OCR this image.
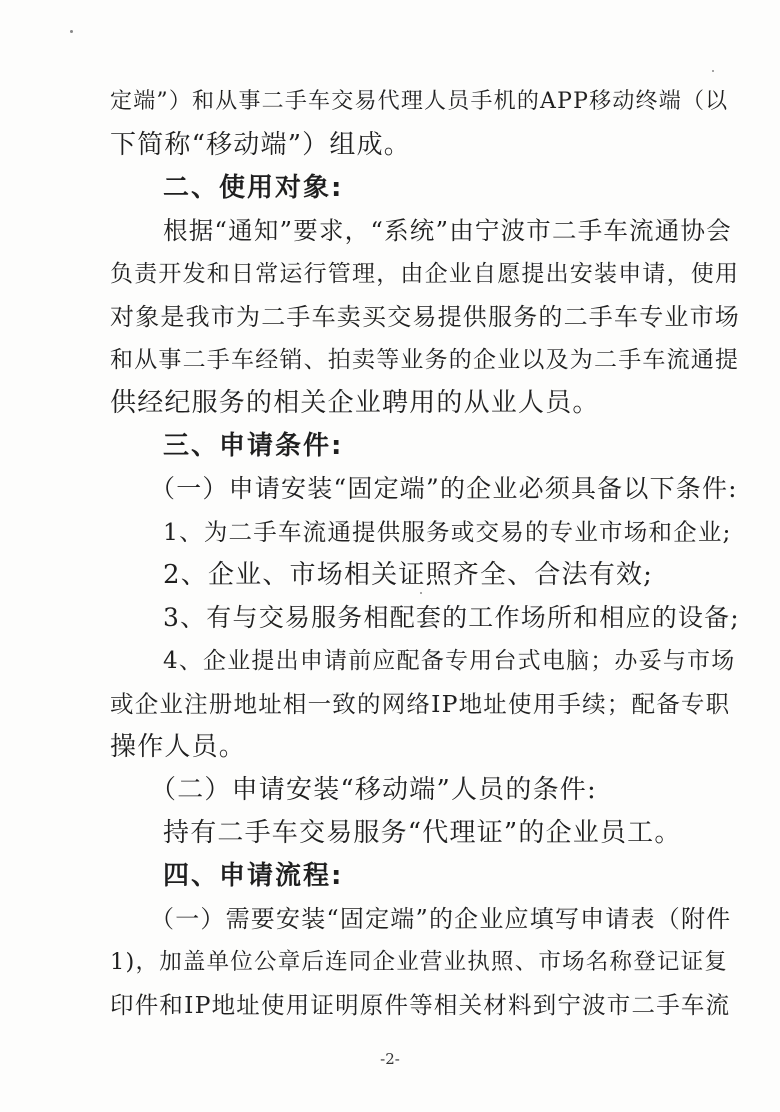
定端”）和从事二手车交易代理人员手机的APP移动终端（以
下简称“移动端”）组成。
二、使用对象:
根据“通知”要求，“系统”由宁波市二手车流通协会
负责开发和日常运行管理，由企业自愿提出安装申请，使用
对象是我市为二手车卖买交易提供服务的二手车专业市场
和从事二手车经销、拍卖等业务的企业以及为二手车流通提
供经纪服务的相关企业聘用的从业人员。
三、申请条件:
（一）申请安装“固定端”的企业必须具备以下条件:
1、为二手车流通提供服务或交易的专业市场和企业;
2、企业、市场相关证照齐全、合法有效;
3、有与交易服务相配套的工作场所和相应的设备;
4、企业提出申请前应配备专用台式电脑；办妥与市场
或企业注册地址相一致的网络IP地址使用手续；配备专职
操作人员。
（二）申请安装“移动端”人员的条件:
持有二手车交易服务“代理证”的企业员工。
四、申请流程:
（一）需要安装“固定端”的企业应填写申请表（附件
1)，加盖单位公章后连同企业营业执照、市场名称登记证复
印件和IP地址使用证明原件等相关材料到宁波市二手车流
-2-
